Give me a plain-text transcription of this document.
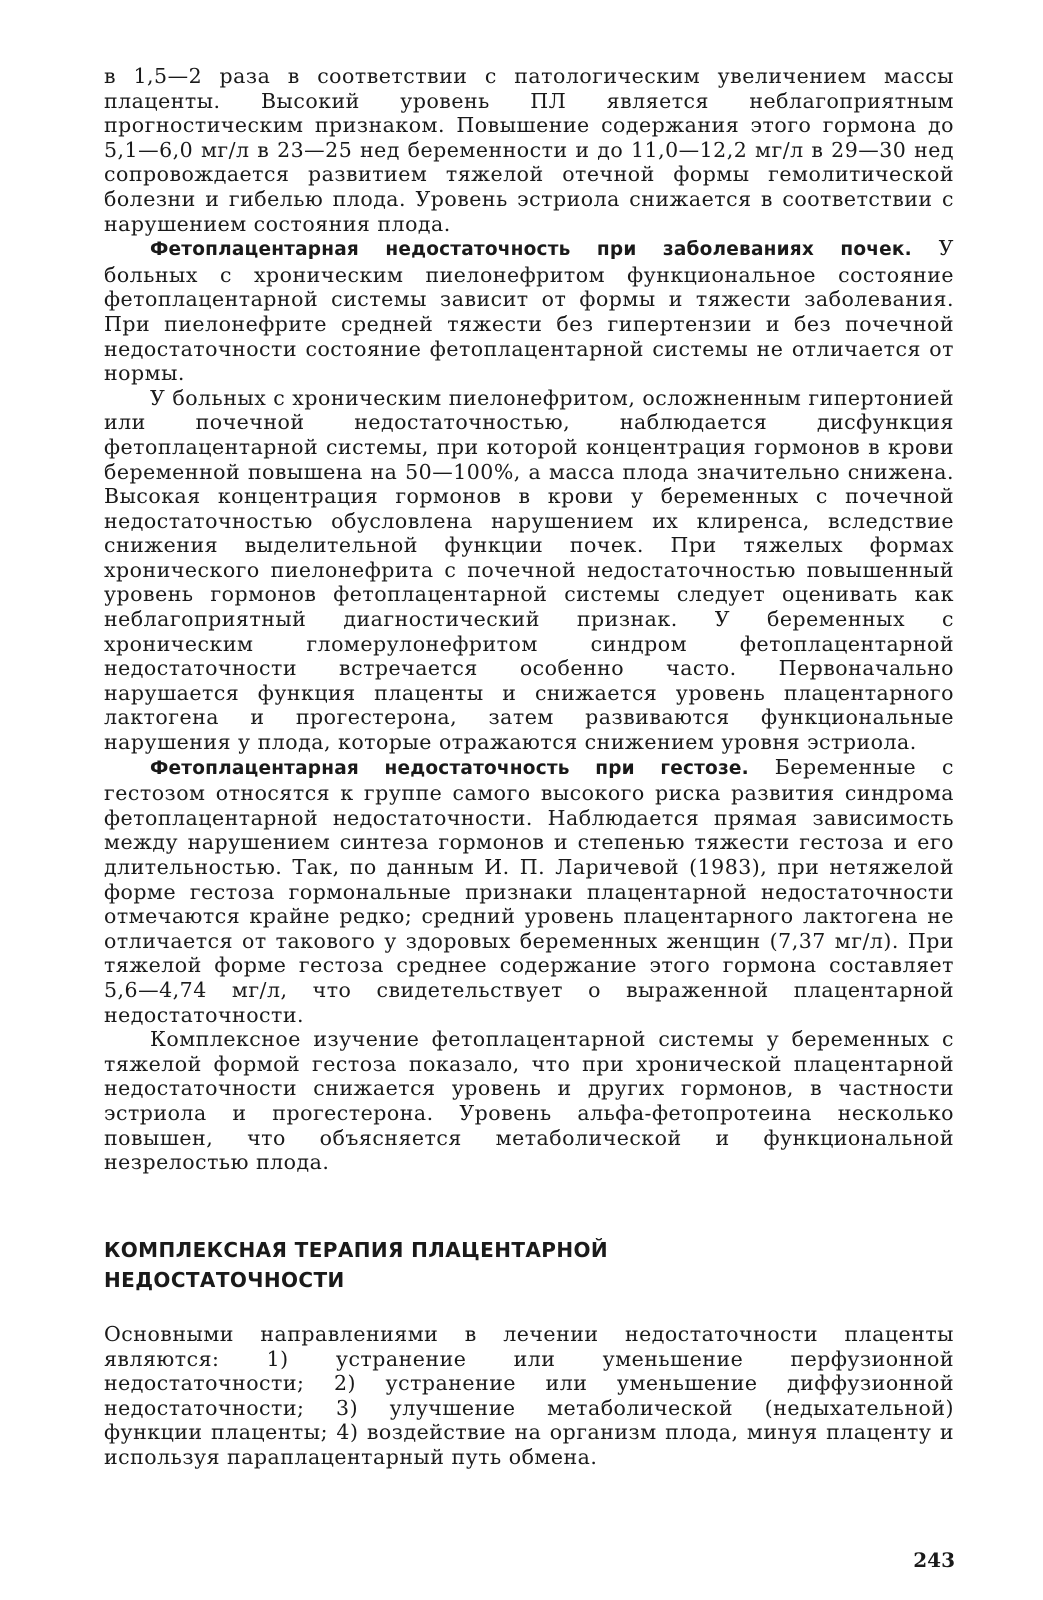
в 1,5—2 раза в соответствии с патологическим увеличением массы плаценты. Высокий уровень ПЛ является неблагоприятным прогностическим признаком. Повышение содержания этого гормона до 5,1—6,0 мг/л в 23—25 нед беременности и до 11,0—12,2 мг/л в 29—30 нед сопровождается развитием тяжелой отечной формы гемолитической болезни и гибелью плода. Уровень эстриола снижается в соответствии с нарушением состояния плода.

Фетоплацентарная недостаточность при заболеваниях почек. У больных с хроническим пиелонефритом функциональное состояние фетоплацентарной системы зависит от формы и тяжести заболевания. При пиелонефрите средней тяжести без гипертензии и без почечной недостаточности состояние фетоплацентарной системы не отличается от нормы.

У больных с хроническим пиелонефритом, осложненным гипертонией или почечной недостаточностью, наблюдается дисфункция фетоплацентарной системы, при которой концентрация гормонов в крови беременной повышена на 50—100%, а масса плода значительно снижена. Высокая концентрация гормонов в крови у беременных с почечной недостаточностью обусловлена нарушением их клиренса, вследствие снижения выделительной функции почек. При тяжелых формах хронического пиелонефрита с почечной недостаточностью повышенный уровень гормонов фетоплацентарной системы следует оценивать как неблагоприятный диагностический признак. У беременных с хроническим гломерулонефритом синдром фетоплацентарной недостаточности встречается особенно часто. Первоначально нарушается функция плаценты и снижается уровень плацентарного лактогена и прогестерона, затем развиваются функциональные нарушения у плода, которые отражаются снижением уровня эстриола.

Фетоплацентарная недостаточность при гестозе. Беременные с гестозом относятся к группе самого высокого риска развития синдрома фетоплацентарной недостаточности. Наблюдается прямая зависимость между нарушением синтеза гормонов и степенью тяжести гестоза и его длительностью. Так, по данным И. П. Ларичевой (1983), при нетяжелой форме гестоза гормональные признаки плацентарной недостаточности отмечаются крайне редко; средний уровень плацентарного лактогена не отличается от такового у здоровых беременных женщин (7,37 мг/л). При тяжелой форме гестоза среднее содержание этого гормона составляет 5,6—4,74 мг/л, что свидетельствует о выраженной плацентарной недостаточности.

Комплексное изучение фетоплацентарной системы у беременных с тяжелой формой гестоза показало, что при хронической плацентарной недостаточности снижается уровень и других гормонов, в частности эстриола и прогестерона. Уровень альфа-фетопротеина несколько повышен, что объясняется метаболической и функциональной незрелостью плода.

КОМПЛЕКСНАЯ ТЕРАПИЯ ПЛАЦЕНТАРНОЙ
НЕДОСТАТОЧНОСТИ

Основными направлениями в лечении недостаточности плаценты являются: 1) устранение или уменьшение перфузионной недостаточности; 2) устранение или уменьшение диффузионной недостаточности; 3) улучшение метаболической (недыхательной) функции плаценты; 4) воздействие на организм плода, минуя плаценту и используя параплацентарный путь обмена.

243
